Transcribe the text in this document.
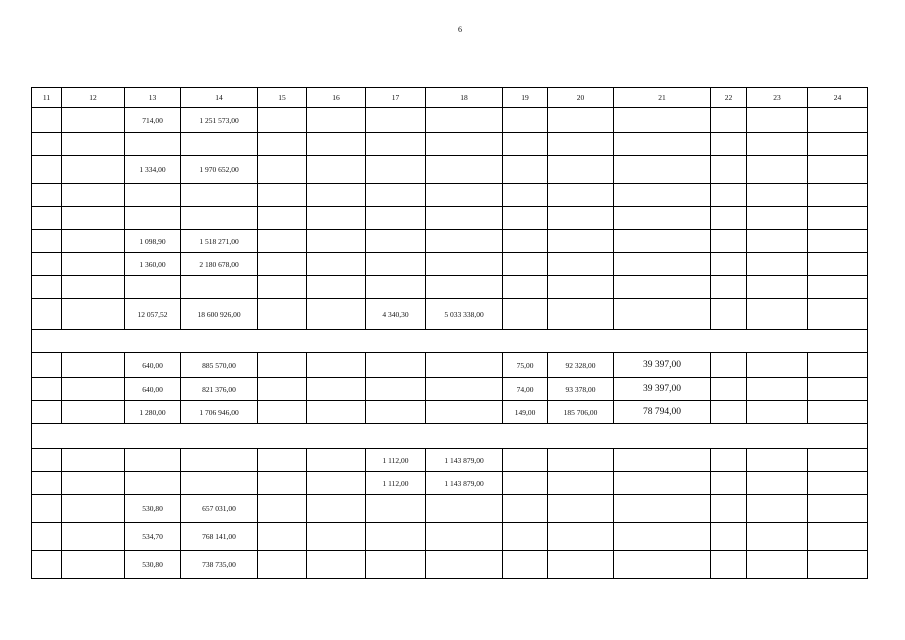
6
11	12	13	14	15	16	17	18	19	20	21	22	23	24
		714,00	1 251 573,00										

		1 334,00	1 970 652,00										

		1 098,90	1 518 271,00										
		1 360,00	2 180 678,00										

		12 057,52	18 600 926,00			4 340,30	5 033 338,00						

		640,00	885 570,00					75,00	92 328,00	39 397,00			
		640,00	821 376,00					74,00	93 378,00	39 397,00			
		1 280,00	1 706 946,00					149,00	185 706,00	78 794,00			

						1 112,00	1 143 879,00						
						1 112,00	1 143 879,00						
		530,80	657 031,00										
		534,70	768 141,00										
		530,80	738 735,00										
